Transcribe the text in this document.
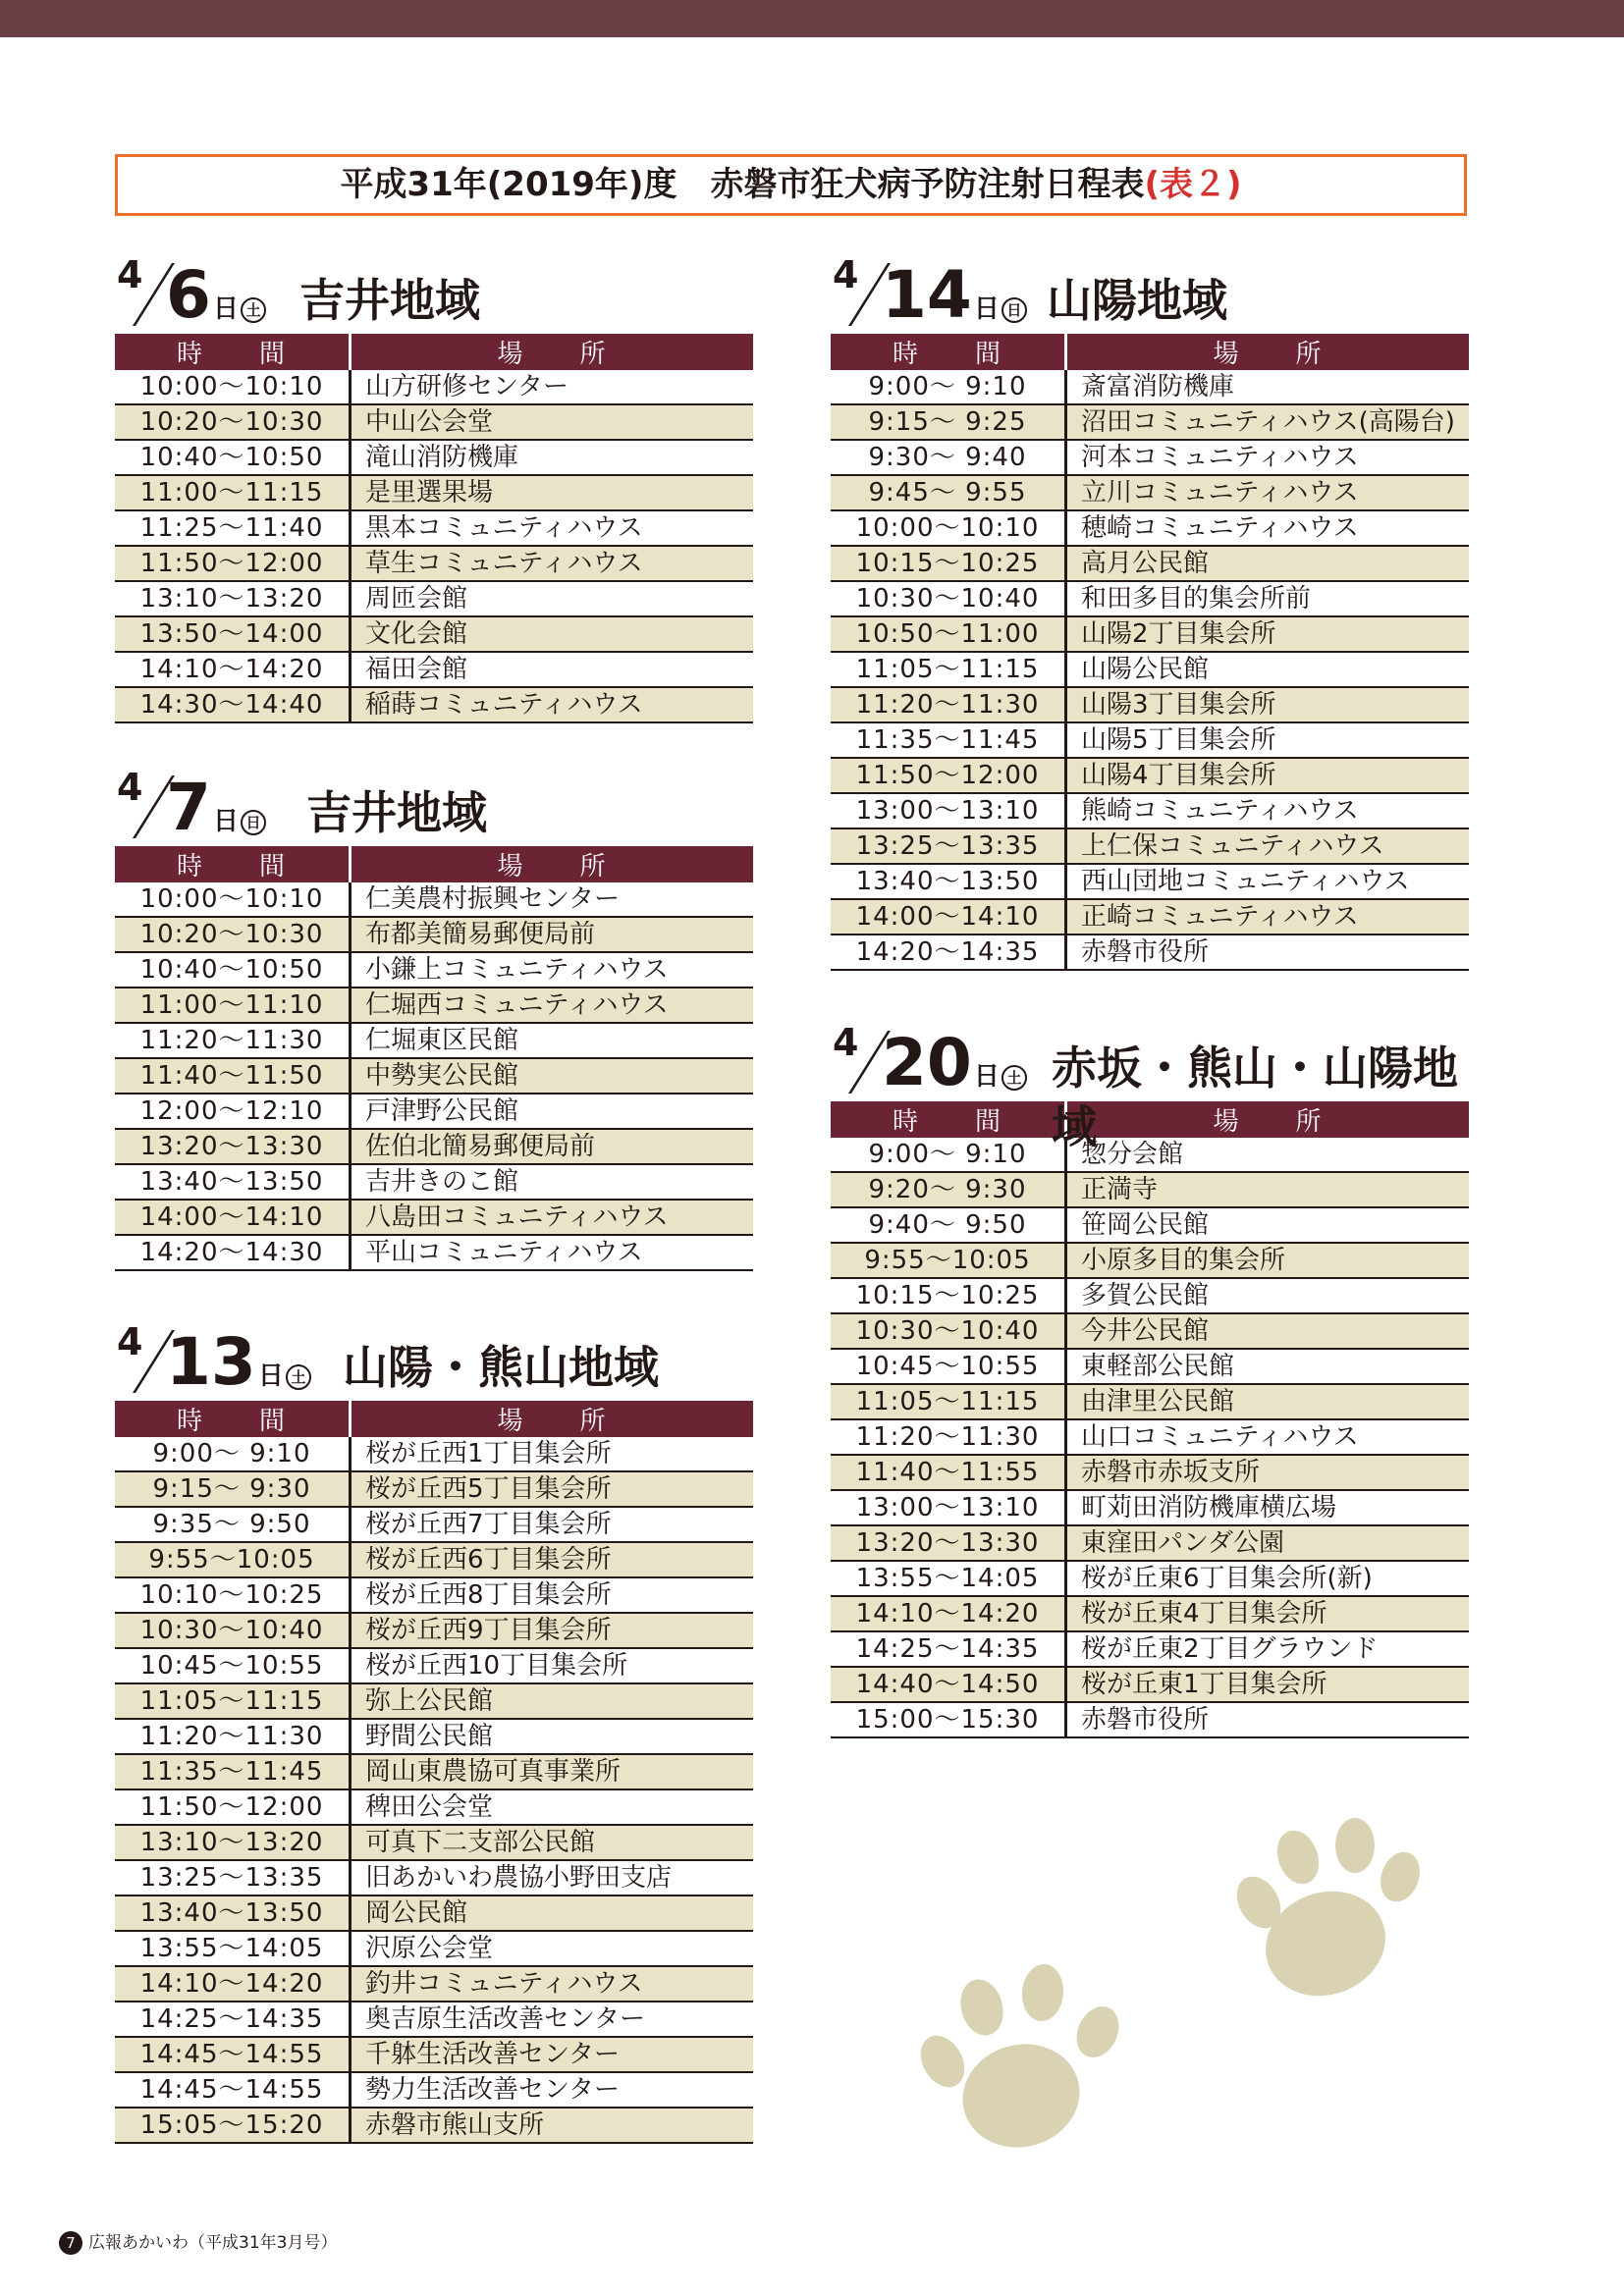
平成31年(2019年)度　赤磐市狂犬病予防注射日程表(表２)
4 6日 土 吉井地域
時　　間	場　　所
10:00～10:10	山方研修センター
10:20～10:30	中山公会堂
10:40～10:50	滝山消防機庫
11:00～11:15	是里選果場
11:25～11:40	黒本コミュニティハウス
11:50～12:00	草生コミュニティハウス
13:10～13:20	周匝会館
13:50～14:00	文化会館
14:10～14:20	福田会館
14:30～14:40	稲蒔コミュニティハウス
4 7日 日 吉井地域
時　　間	場　　所
10:00～10:10	仁美農村振興センター
10:20～10:30	布都美簡易郵便局前
10:40～10:50	小鎌上コミュニティハウス
11:00～11:10	仁堀西コミュニティハウス
11:20～11:30	仁堀東区民館
11:40～11:50	中勢実公民館
12:00～12:10	戸津野公民館
13:20～13:30	佐伯北簡易郵便局前
13:40～13:50	吉井きのこ館
14:00～14:10	八島田コミュニティハウス
14:20～14:30	平山コミュニティハウス
4 13日 土 山陽・熊山地域
時　　間	場　　所
9:00～ 9:10	桜が丘西1丁目集会所
9:15～ 9:30	桜が丘西5丁目集会所
9:35～ 9:50	桜が丘西7丁目集会所
9:55～10:05	桜が丘西6丁目集会所
10:10～10:25	桜が丘西8丁目集会所
10:30～10:40	桜が丘西9丁目集会所
10:45～10:55	桜が丘西10丁目集会所
11:05～11:15	弥上公民館
11:20～11:30	野間公民館
11:35～11:45	岡山東農協可真事業所
11:50～12:00	稗田公会堂
13:10～13:20	可真下二支部公民館
13:25～13:35	旧あかいわ農協小野田支店
13:40～13:50	岡公民館
13:55～14:05	沢原公会堂
14:10～14:20	釣井コミュニティハウス
14:25～14:35	奥吉原生活改善センター
14:45～14:55	千躰生活改善センター
14:45～14:55	勢力生活改善センター
15:05～15:20	赤磐市熊山支所
4 14日 日 山陽地域
時　　間	場　　所
9:00～ 9:10	斎富消防機庫
9:15～ 9:25	沼田コミュニティハウス(高陽台)
9:30～ 9:40	河本コミュニティハウス
9:45～ 9:55	立川コミュニティハウス
10:00～10:10	穂崎コミュニティハウス
10:15～10:25	高月公民館
10:30～10:40	和田多目的集会所前
10:50～11:00	山陽2丁目集会所
11:05～11:15	山陽公民館
11:20～11:30	山陽3丁目集会所
11:35～11:45	山陽5丁目集会所
11:50～12:00	山陽4丁目集会所
13:00～13:10	熊崎コミュニティハウス
13:25～13:35	上仁保コミュニティハウス
13:40～13:50	西山団地コミュニティハウス
14:00～14:10	正崎コミュニティハウス
14:20～14:35	赤磐市役所
4 20日 土 赤坂・熊山・山陽地域
時　　間	場　　所
9:00～ 9:10	惣分会館
9:20～ 9:30	正満寺
9:40～ 9:50	笹岡公民館
9:55～10:05	小原多目的集会所
10:15～10:25	多賀公民館
10:30～10:40	今井公民館
10:45～10:55	東軽部公民館
11:05～11:15	由津里公民館
11:20～11:30	山口コミュニティハウス
11:40～11:55	赤磐市赤坂支所
13:00～13:10	町苅田消防機庫横広場
13:20～13:30	東窪田パンダ公園
13:55～14:05	桜が丘東6丁目集会所(新)
14:10～14:20	桜が丘東4丁目集会所
14:25～14:35	桜が丘東2丁目グラウンド
14:40～14:50	桜が丘東1丁目集会所
15:00～15:30	赤磐市役所
7 広報あかいわ（平成31年3月号）
